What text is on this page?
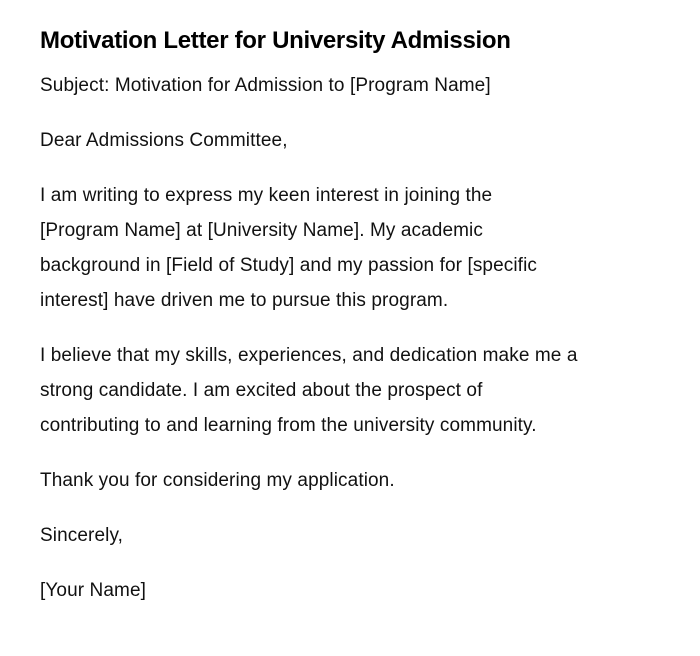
Motivation Letter for University Admission

Subject: Motivation for Admission to [Program Name]

Dear Admissions Committee,

I am writing to express my keen interest in joining the
[Program Name] at [University Name]. My academic
background in [Field of Study] and my passion for [specific
interest] have driven me to pursue this program.

I believe that my skills, experiences, and dedication make me a
strong candidate. I am excited about the prospect of
contributing to and learning from the university community.

Thank you for considering my application.

Sincerely,

[Your Name]
